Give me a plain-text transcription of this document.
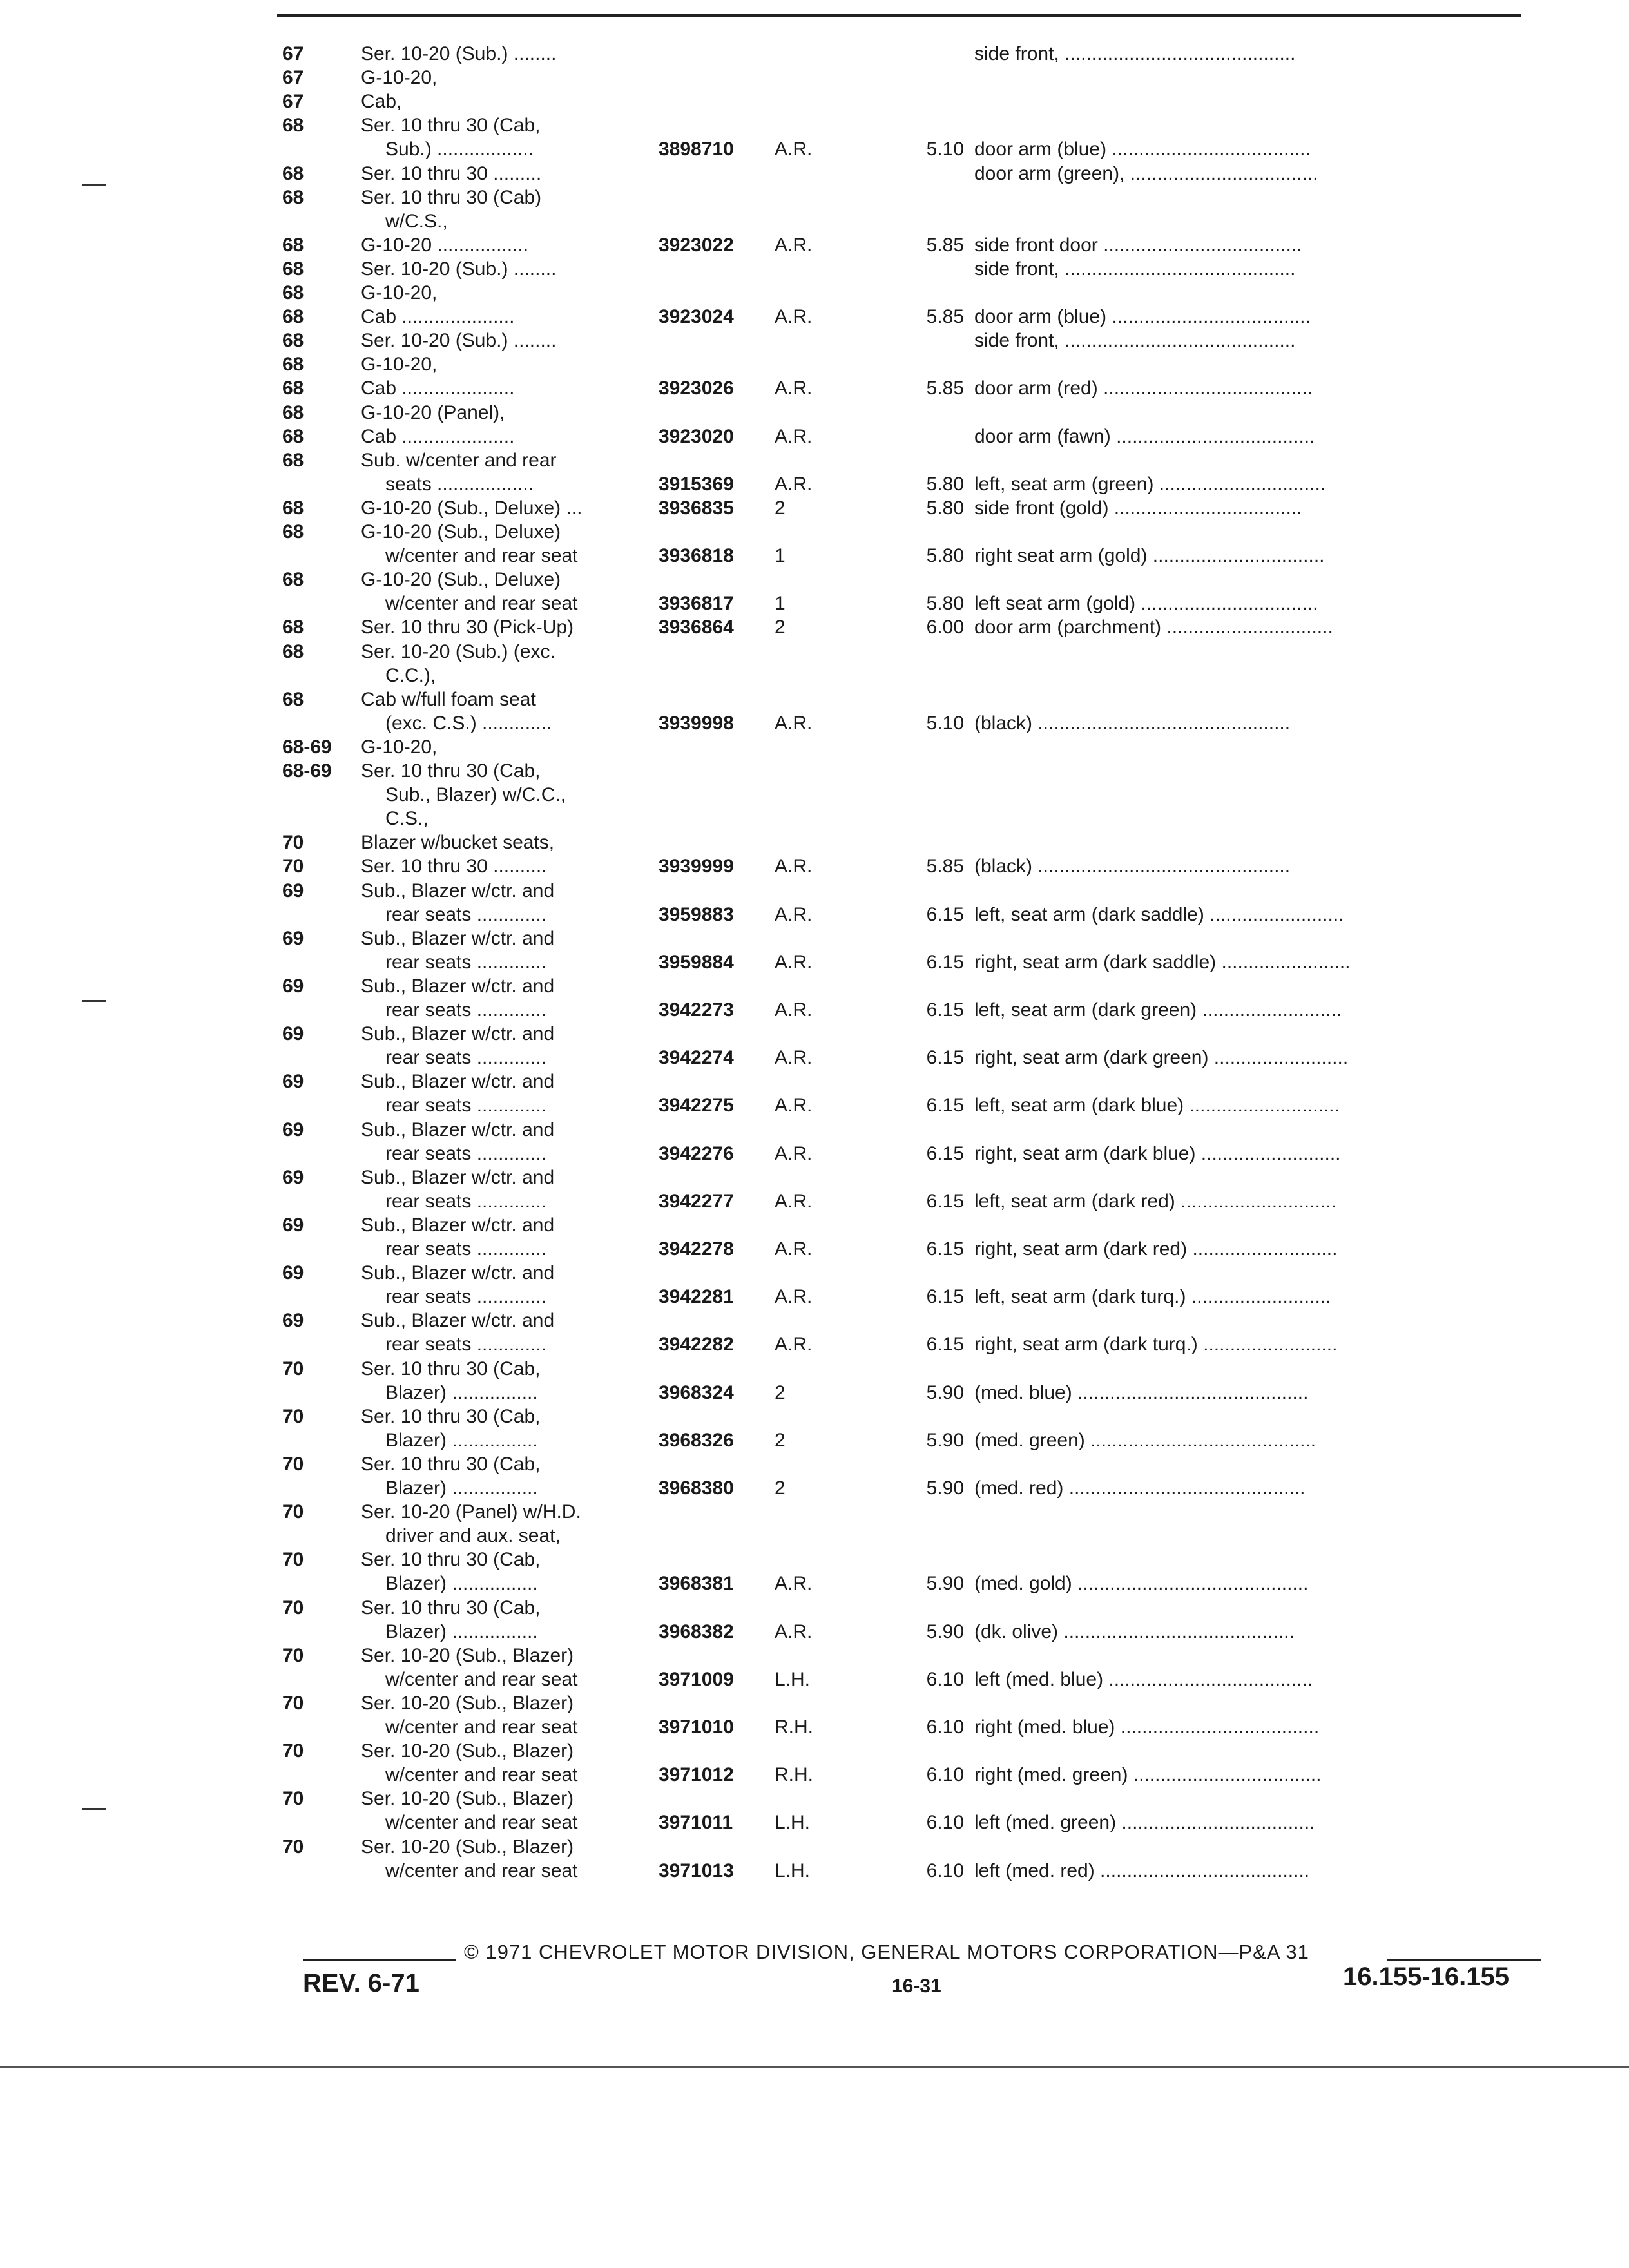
67	Ser. 10-20 (Sub.) ........	side front, ...........................................
67	G-10-20,
67	Cab,
68	Ser. 10 thru 30 (Cab,
Sub.) ..................	3898710 A.R.	5.10 door arm (blue) .....................................
68	Ser. 10 thru 30 .........	door arm (green), ...................................
68	Ser. 10 thru 30 (Cab)
w/C.S.,
68	G-10-20 .................	3923022 A.R.	5.85 side front door .....................................
68	Ser. 10-20 (Sub.) ........	side front, ...........................................
68	G-10-20,
68	Cab .....................	3923024 A.R.	5.85 door arm (blue) .....................................
68	Ser. 10-20 (Sub.) ........	side front, ...........................................
68	G-10-20,
68	Cab .....................	3923026 A.R.	5.85 door arm (red) .......................................
68	G-10-20 (Panel),
68	Cab .....................	3923020 A.R.	door arm (fawn) .....................................
68	Sub. w/center and rear
seats ..................	3915369 A.R.	5.80 left, seat arm (green) ...............................
68	G-10-20 (Sub., Deluxe) ...	3936835 2	5.80 side front (gold) ...................................
68	G-10-20 (Sub., Deluxe)
w/center and rear seat	3936818 1	5.80 right seat arm (gold) ................................
68	G-10-20 (Sub., Deluxe)
w/center and rear seat	3936817 1	5.80 left seat arm (gold) .................................
68	Ser. 10 thru 30 (Pick-Up)	3936864 2	6.00 door arm (parchment) ...............................
68	Ser. 10-20 (Sub.) (exc.
C.C.),
68	Cab w/full foam seat
(exc. C.S.) .............	3939998 A.R.	5.10 (black) ...............................................
68-69 G-10-20,
68-69 Ser. 10 thru 30 (Cab,
Sub., Blazer) w/C.C.,
C.S.,
70	Blazer w/bucket seats,
70	Ser. 10 thru 30 ..........	3939999 A.R.	5.85 (black) ...............................................
69	Sub., Blazer w/ctr. and
rear seats .............	3959883 A.R.	6.15 left, seat arm (dark saddle) .........................
69	Sub., Blazer w/ctr. and
rear seats .............	3959884 A.R.	6.15 right, seat arm (dark saddle) ........................
69	Sub., Blazer w/ctr. and
rear seats .............	3942273 A.R.	6.15 left, seat arm (dark green) ..........................
69	Sub., Blazer w/ctr. and
rear seats .............	3942274 A.R.	6.15 right, seat arm (dark green) .........................
69	Sub., Blazer w/ctr. and
rear seats .............	3942275 A.R.	6.15 left, seat arm (dark blue) ............................
69	Sub., Blazer w/ctr. and
rear seats .............	3942276 A.R.	6.15 right, seat arm (dark blue) ..........................
69	Sub., Blazer w/ctr. and
rear seats .............	3942277 A.R.	6.15 left, seat arm (dark red) .............................
69	Sub., Blazer w/ctr. and
rear seats .............	3942278 A.R.	6.15 right, seat arm (dark red) ...........................
69	Sub., Blazer w/ctr. and
rear seats .............	3942281 A.R.	6.15 left, seat arm (dark turq.) ..........................
69	Sub., Blazer w/ctr. and
rear seats .............	3942282 A.R.	6.15 right, seat arm (dark turq.) .........................
70	Ser. 10 thru 30 (Cab,
Blazer) ................	3968324 2	5.90 (med. blue) ...........................................
70	Ser. 10 thru 30 (Cab,
Blazer) ................	3968326 2	5.90 (med. green) ..........................................
70	Ser. 10 thru 30 (Cab,
Blazer) ................	3968380 2	5.90 (med. red) ............................................
70	Ser. 10-20 (Panel) w/H.D.
driver and aux. seat,
70	Ser. 10 thru 30 (Cab,
Blazer) ................	3968381 A.R.	5.90 (med. gold) ...........................................
70	Ser. 10 thru 30 (Cab,
Blazer) ................	3968382 A.R.	5.90 (dk. olive) ...........................................
70	Ser. 10-20 (Sub., Blazer)
w/center and rear seat	3971009 L.H.	6.10 left (med. blue) ......................................
70	Ser. 10-20 (Sub., Blazer)
w/center and rear seat	3971010 R.H.	6.10 right (med. blue) .....................................
70	Ser. 10-20 (Sub., Blazer)
w/center and rear seat	3971012 R.H.	6.10 right (med. green) ...................................
70	Ser. 10-20 (Sub., Blazer)
w/center and rear seat	3971011 L.H.	6.10 left (med. green) ....................................
70	Ser. 10-20 (Sub., Blazer)
w/center and rear seat	3971013 L.H.	6.10 left (med. red) .......................................
© 1971 CHEVROLET MOTOR DIVISION, GENERAL MOTORS CORPORATION—P&A 31
REV. 6-71	16-31	16.155-16.155
